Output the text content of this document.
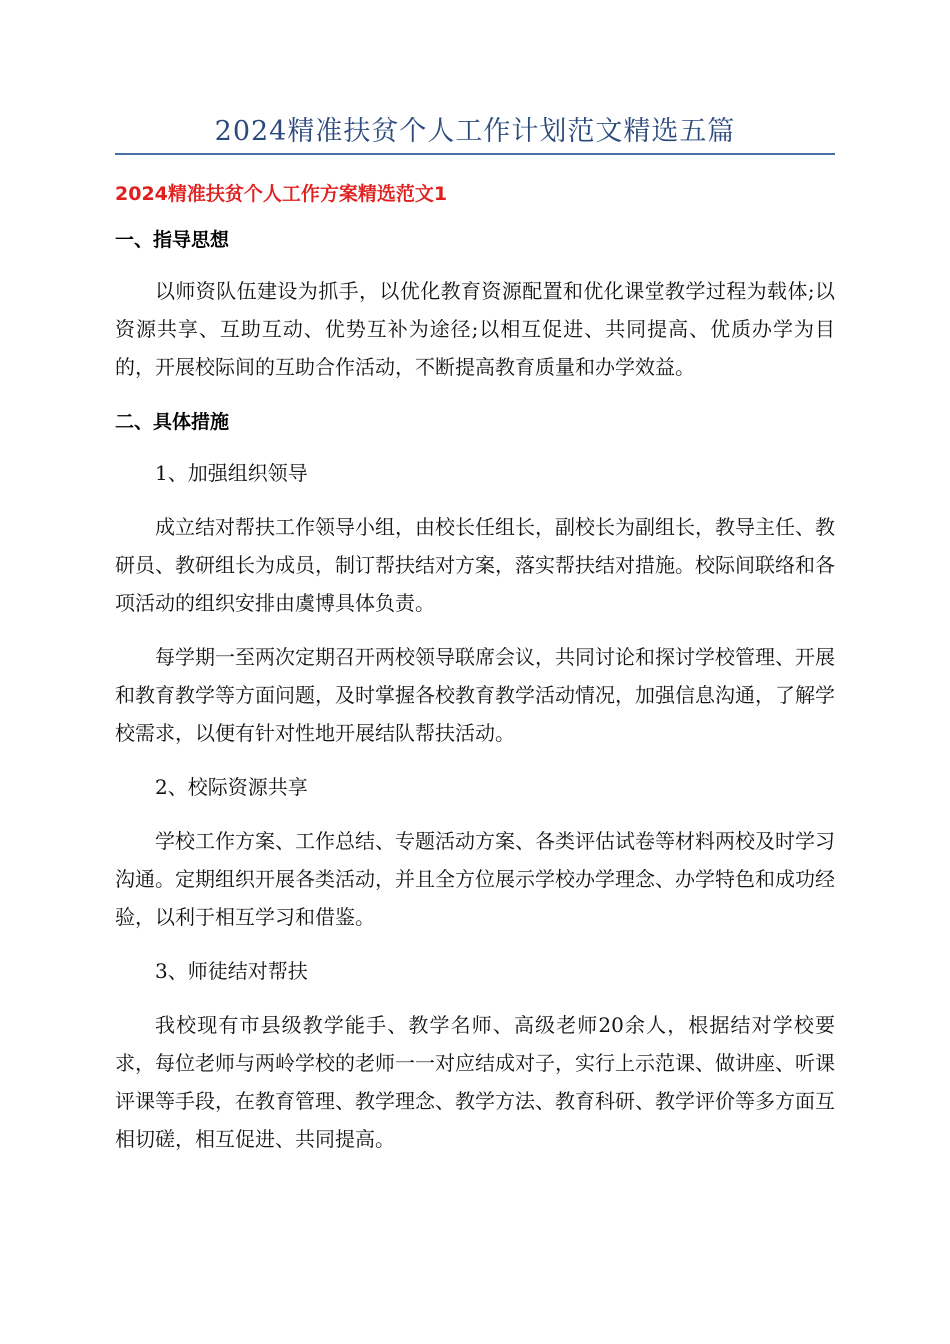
2024精准扶贫个人工作计划范文精选五篇
2024精准扶贫个人工作方案精选范文1
一、指导思想

以师资队伍建设为抓手，以优化教育资源配置和优化课堂教学过程为载体;以资源共享、互助互动、优势互补为途径;以相互促进、共同提高、优质办学为目的，开展校际间的互助合作活动，不断提高教育质量和办学效益。

二、具体措施
1、加强组织领导

成立结对帮扶工作领导小组，由校长任组长，副校长为副组长，教导主任、教研员、教研组长为成员，制订帮扶结对方案，落实帮扶结对措施。校际间联络和各项活动的组织安排由虞博具体负责。

每学期一至两次定期召开两校领导联席会议，共同讨论和探讨学校管理、开展和教育教学等方面问题，及时掌握各校教育教学活动情况，加强信息沟通，了解学校需求，以便有针对性地开展结队帮扶活动。

2、校际资源共享

学校工作方案、工作总结、专题活动方案、各类评估试卷等材料两校及时学习沟通。定期组织开展各类活动，并且全方位展示学校办学理念、办学特色和成功经验，以利于相互学习和借鉴。

3、师徒结对帮扶

我校现有市县级教学能手、教学名师、高级老师20余人，根据结对学校要求，每位老师与两岭学校的老师一一对应结成对子，实行上示范课、做讲座、听课评课等手段，在教育管理、教学理念、教学方法、教育科研、教学评价等多方面互相切磋，相互促进、共同提高。
